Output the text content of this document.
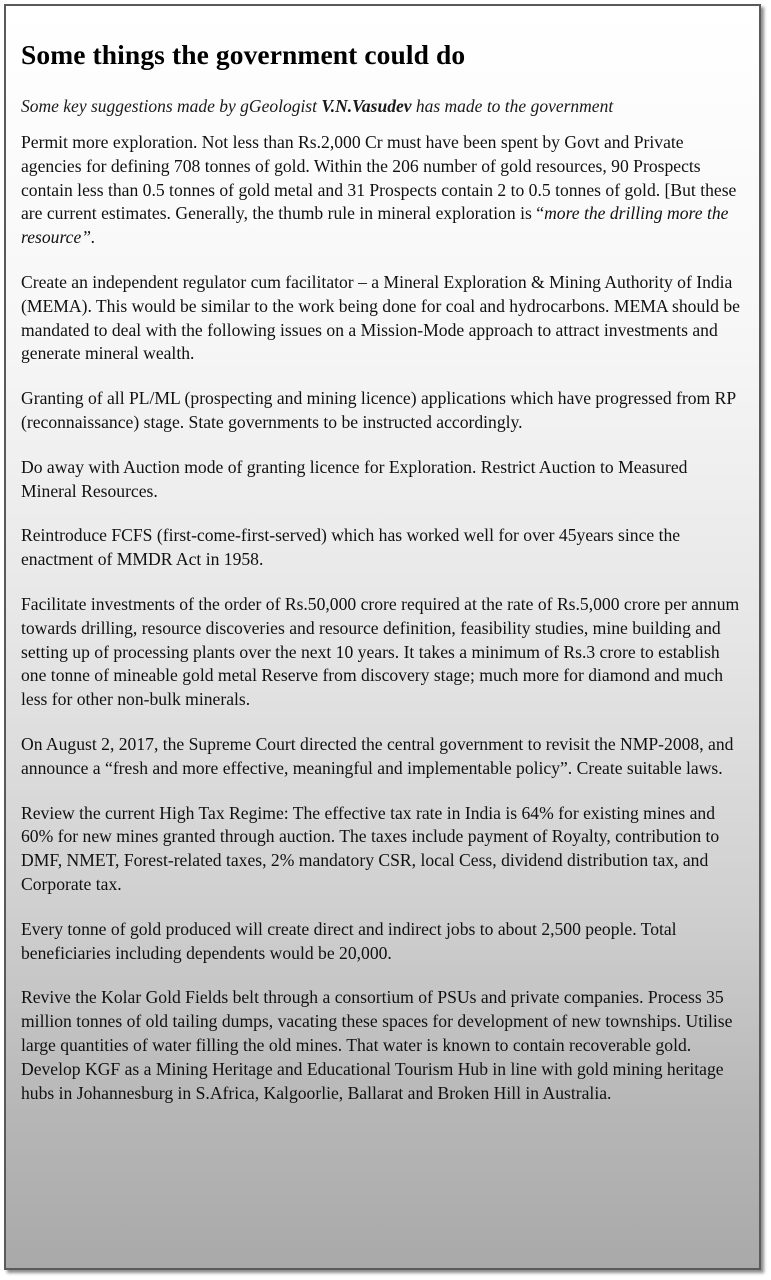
Some things the government could do

Some key suggestions made by gGeologist V.N.Vasudev has made to the government

Permit more exploration. Not less than Rs.2,000 Cr must have been spent by Govt and Private agencies for defining 708 tonnes of gold. Within the 206 number of gold resources, 90 Prospects contain less than 0.5 tonnes of gold metal and 31 Prospects contain 2 to 0.5 tonnes of gold. [But these are current estimates. Generally, the thumb rule in mineral exploration is “more the drilling more the resource”.

Create an independent regulator cum facilitator – a Mineral Exploration & Mining Authority of India (MEMA). This would be similar to the work being done for coal and hydrocarbons. MEMA should be mandated to deal with the following issues on a Mission-Mode approach to attract investments and generate mineral wealth.

Granting of all PL/ML (prospecting and mining licence) applications which have progressed from RP (reconnaissance) stage. State governments to be instructed accordingly.

Do away with Auction mode of granting licence for Exploration. Restrict Auction to Measured Mineral Resources.

Reintroduce FCFS (first-come-first-served) which has worked well for over 45years since the enactment of MMDR Act in 1958.

Facilitate investments of the order of Rs.50,000 crore required at the rate of Rs.5,000 crore per annum towards drilling, resource discoveries and resource definition, feasibility studies, mine building and setting up of processing plants over the next 10 years. It takes a minimum of Rs.3 crore to establish one tonne of mineable gold metal Reserve from discovery stage; much more for diamond and much less for other non-bulk minerals.

On August 2, 2017, the Supreme Court directed the central government to revisit the NMP-2008, and announce a “fresh and more effective, meaningful and implementable policy”. Create suitable laws.

Review the current High Tax Regime: The effective tax rate in India is 64% for existing mines and 60% for new mines granted through auction. The taxes include payment of Royalty, contribution to DMF, NMET, Forest-related taxes, 2% mandatory CSR, local Cess, dividend distribution tax, and Corporate tax.

Every tonne of gold produced will create direct and indirect jobs to about 2,500 people. Total beneficiaries including dependents would be 20,000.

Revive the Kolar Gold Fields belt through a consortium of PSUs and private companies. Process 35 million tonnes of old tailing dumps, vacating these spaces for development of new townships. Utilise large quantities of water filling the old mines. That water is known to contain recoverable gold. Develop KGF as a Mining Heritage and Educational Tourism Hub in line with gold mining heritage hubs in Johannesburg in S.Africa, Kalgoorlie, Ballarat and Broken Hill in Australia.
